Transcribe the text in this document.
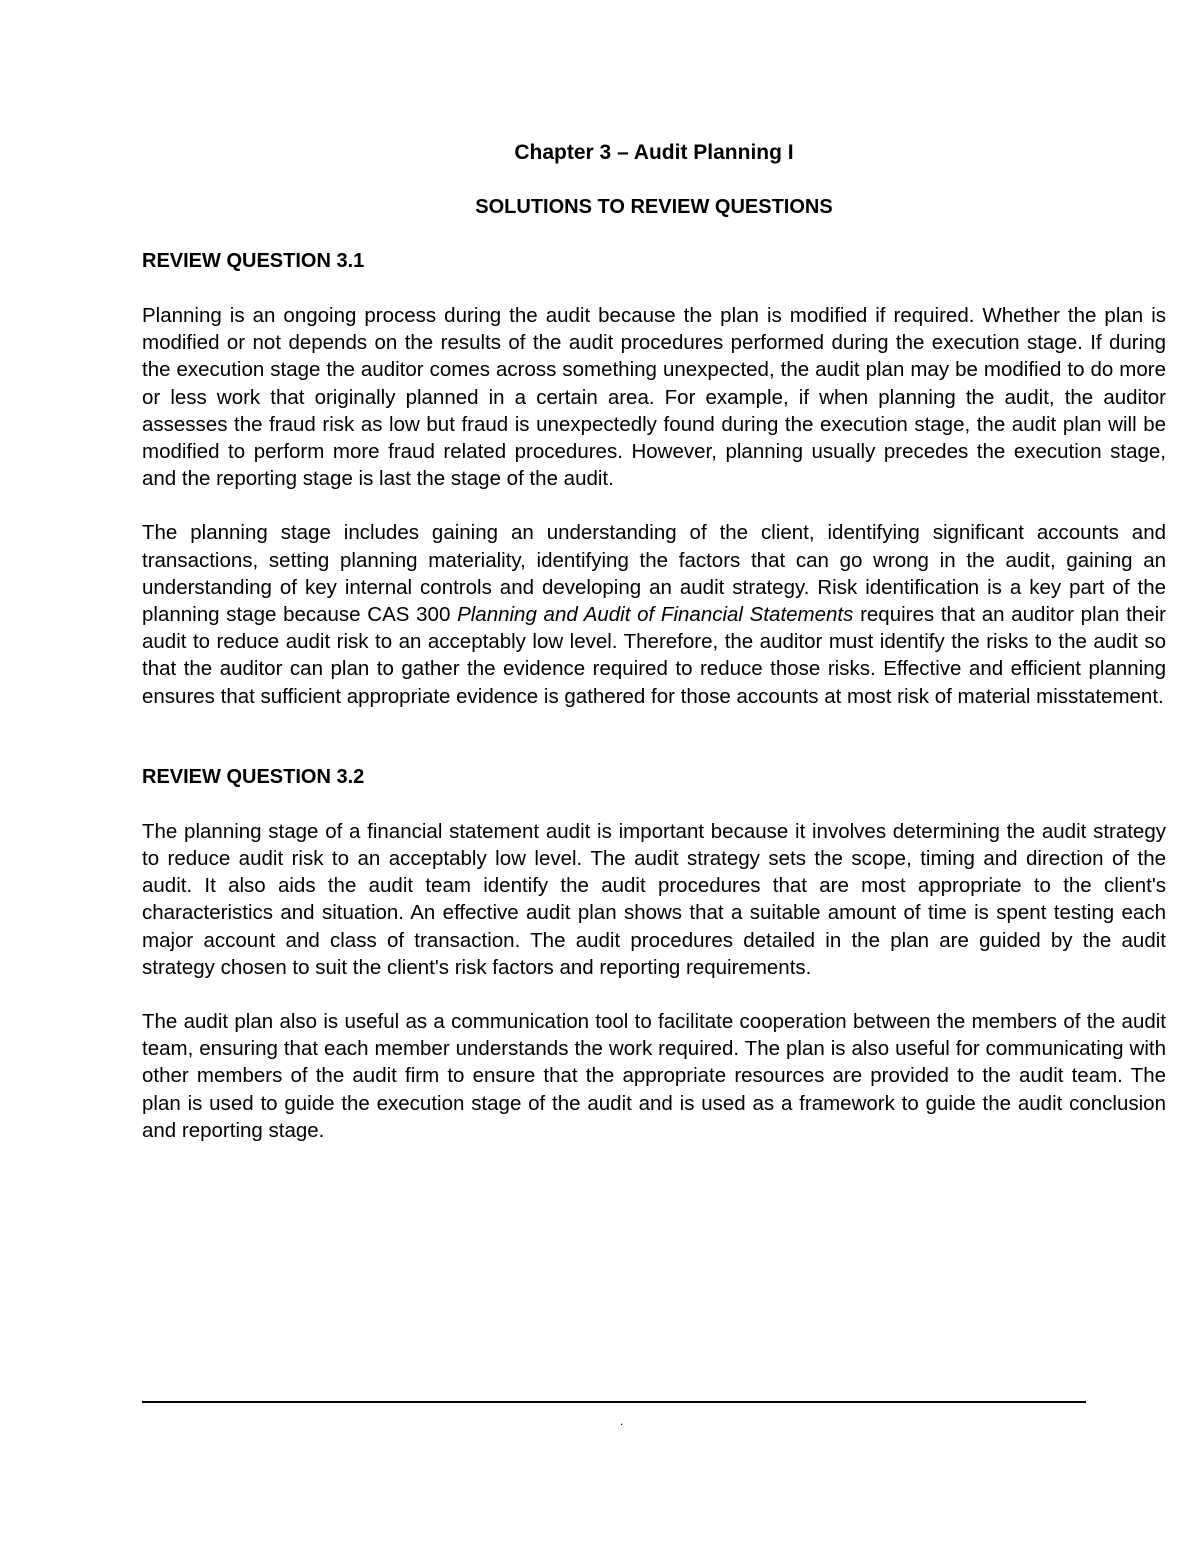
Chapter 3 – Audit Planning I
SOLUTIONS TO REVIEW QUESTIONS
REVIEW QUESTION 3.1

Planning is an ongoing process during the audit because the plan is modified if required. Whether the plan is modified or not depends on the results of the audit procedures performed during the execution stage. If during the execution stage the auditor comes across something unexpected, the audit plan may be modified to do more or less work that originally planned in a certain area. For example, if when planning the audit, the auditor assesses the fraud risk as low but fraud is unexpectedly found during the execution stage, the audit plan will be modified to perform more fraud related procedures. However, planning usually precedes the execution stage, and the reporting stage is last the stage of the audit.

The planning stage includes gaining an understanding of the client, identifying significant accounts and transactions, setting planning materiality, identifying the factors that can go wrong in the audit, gaining an understanding of key internal controls and developing an audit strategy. Risk identification is a key part of the planning stage because CAS 300 Planning and Audit of Financial Statements requires that an auditor plan their audit to reduce audit risk to an acceptably low level. Therefore, the auditor must identify the risks to the audit so that the auditor can plan to gather the evidence required to reduce those risks. Effective and efficient planning ensures that sufficient appropriate evidence is gathered for those accounts at most risk of material misstatement.

REVIEW QUESTION 3.2

The planning stage of a financial statement audit is important because it involves determining the audit strategy to reduce audit risk to an acceptably low level. The audit strategy sets the scope, timing and direction of the audit. It also aids the audit team identify the audit procedures that are most appropriate to the client's characteristics and situation. An effective audit plan shows that a suitable amount of time is spent testing each major account and class of transaction. The audit procedures detailed in the plan are guided by the audit strategy chosen to suit the client's risk factors and reporting requirements.

The audit plan also is useful as a communication tool to facilitate cooperation between the members of the audit team, ensuring that each member understands the work required. The plan is also useful for communicating with other members of the audit firm to ensure that the appropriate resources are provided to the audit team. The plan is used to guide the execution stage of the audit and is used as a framework to guide the audit conclusion and reporting stage.

.
